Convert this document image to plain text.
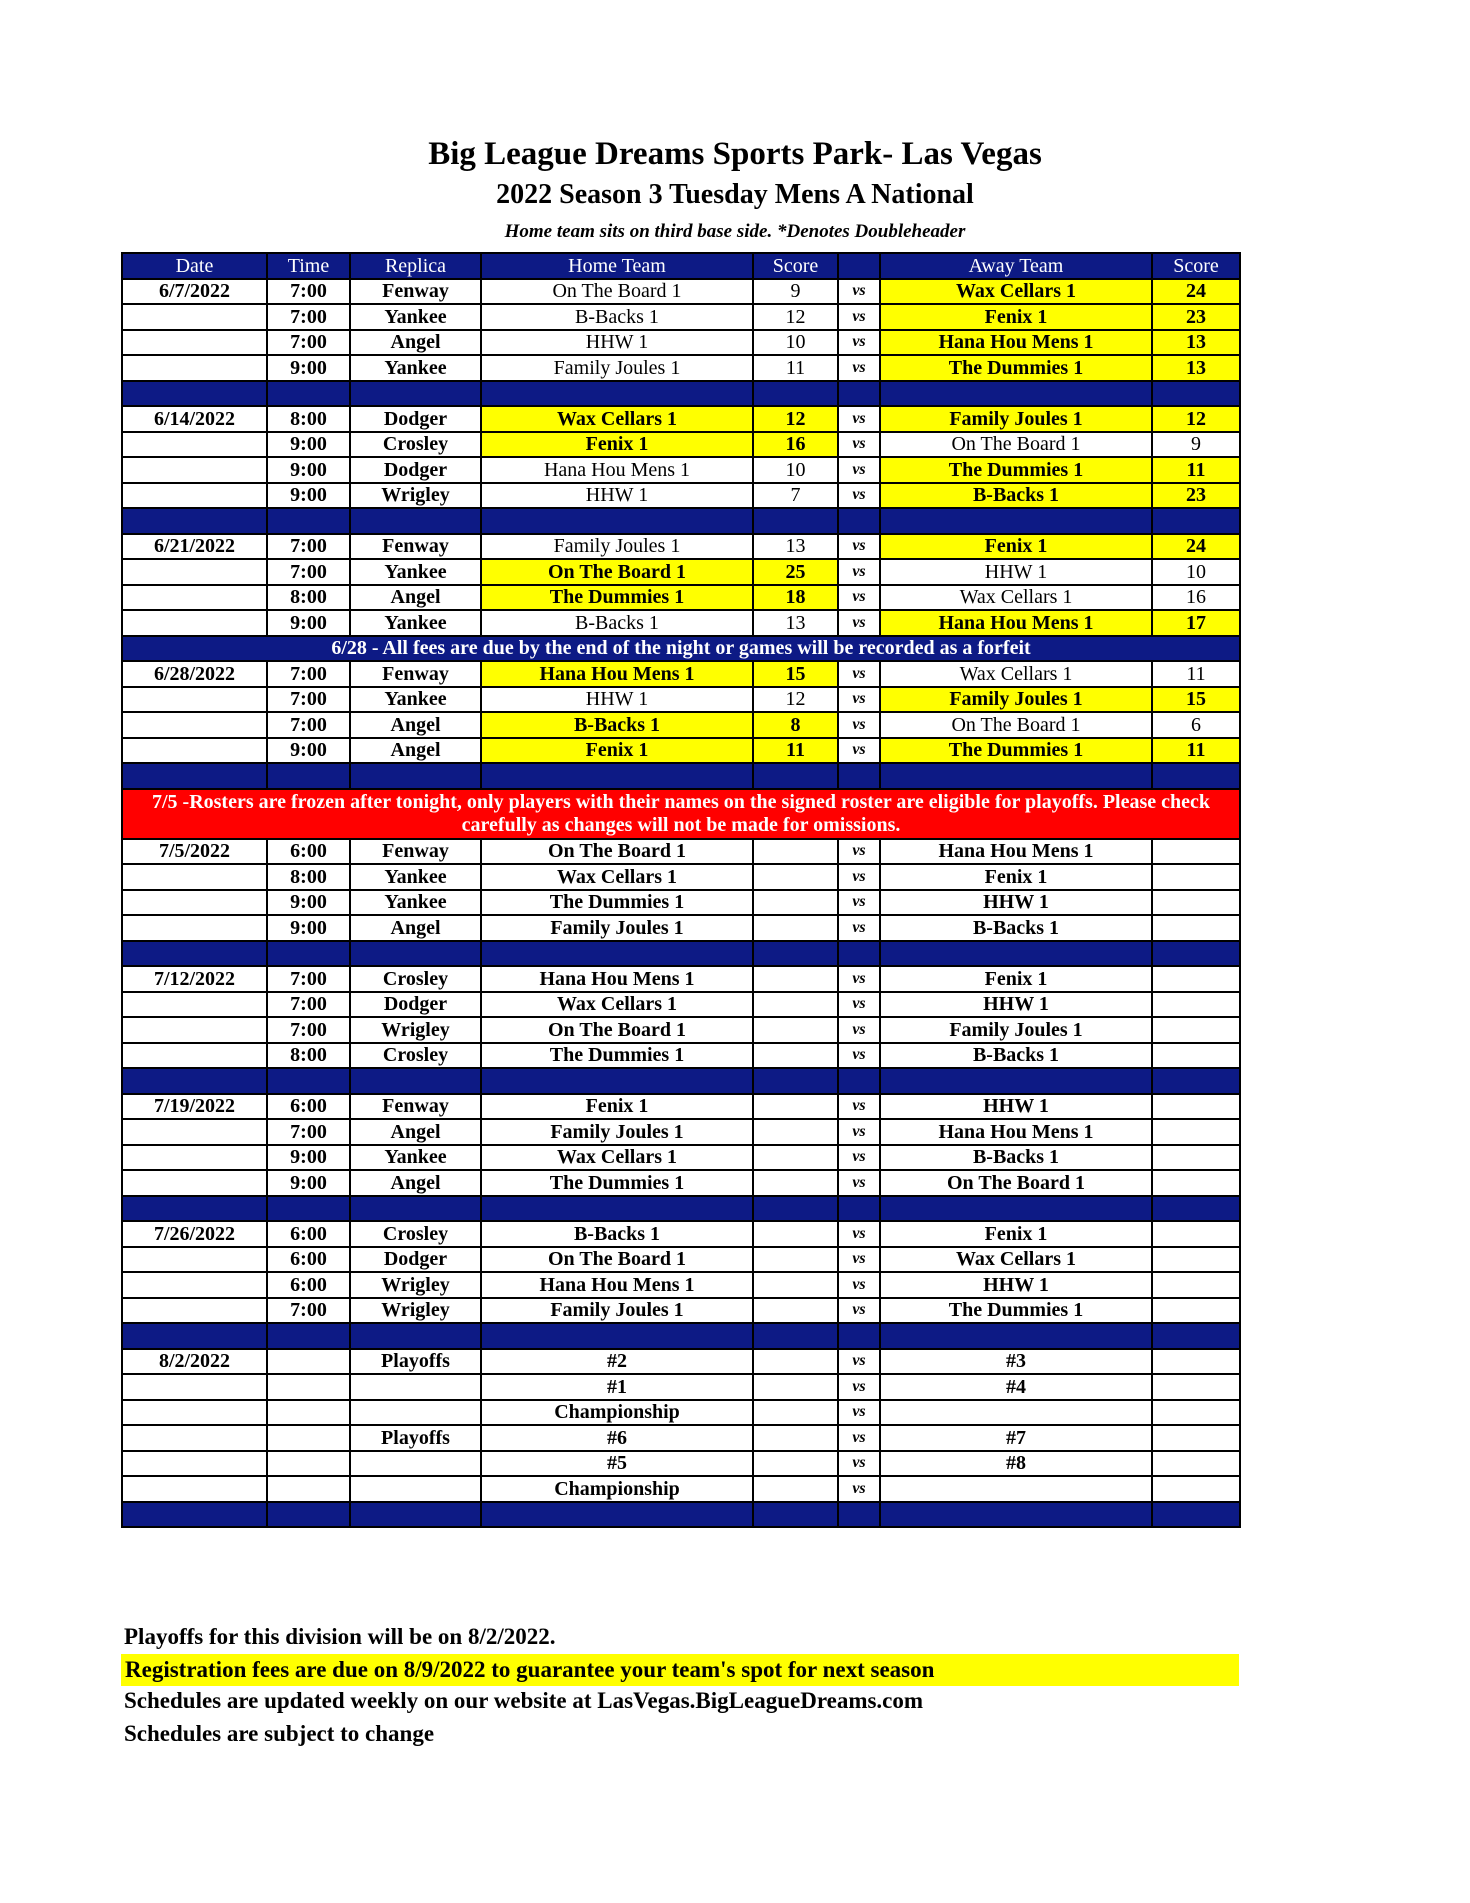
Big League Dreams Sports Park- Las Vegas
2022 Season 3 Tuesday Mens A National
Home team sits on third base side. *Denotes Doubleheader
Date	Time	Replica	Home Team	Score		Away Team	Score
6/7/2022	7:00	Fenway	On The Board 1	9	vs	Wax Cellars 1	24
	7:00	Yankee	B-Backs 1	12	vs	Fenix 1	23
	7:00	Angel	HHW 1	10	vs	Hana Hou Mens 1	13
	9:00	Yankee	Family Joules 1	11	vs	The Dummies 1	13

6/14/2022	8:00	Dodger	Wax Cellars 1	12	vs	Family Joules 1	12
	9:00	Crosley	Fenix 1	16	vs	On The Board 1	9
	9:00	Dodger	Hana Hou Mens 1	10	vs	The Dummies 1	11
	9:00	Wrigley	HHW 1	7	vs	B-Backs 1	23

6/21/2022	7:00	Fenway	Family Joules 1	13	vs	Fenix 1	24
	7:00	Yankee	On The Board 1	25	vs	HHW 1	10
	8:00	Angel	The Dummies 1	18	vs	Wax Cellars 1	16
	9:00	Yankee	B-Backs 1	13	vs	Hana Hou Mens 1	17
6/28 - All fees are due by the end of the night or games will be recorded as a forfeit							
6/28/2022	7:00	Fenway	Hana Hou Mens 1	15	vs	Wax Cellars 1	11
	7:00	Yankee	HHW 1	12	vs	Family Joules 1	15
	7:00	Angel	B-Backs 1	8	vs	On The Board 1	6
	9:00	Angel	Fenix 1	11	vs	The Dummies 1	11

7/5 -Rosters are frozen after tonight, only players with their names on the signed roster are eligible for playoffs. Please check carefully as changes will not be made for omissions.							
7/5/2022	6:00	Fenway	On The Board 1		vs	Hana Hou Mens 1	
	8:00	Yankee	Wax Cellars 1		vs	Fenix 1	
	9:00	Yankee	The Dummies 1		vs	HHW 1	
	9:00	Angel	Family Joules 1		vs	B-Backs 1	

7/12/2022	7:00	Crosley	Hana Hou Mens 1		vs	Fenix 1	
	7:00	Dodger	Wax Cellars 1		vs	HHW 1	
	7:00	Wrigley	On The Board 1		vs	Family Joules 1	
	8:00	Crosley	The Dummies 1		vs	B-Backs 1	

7/19/2022	6:00	Fenway	Fenix 1		vs	HHW 1	
	7:00	Angel	Family Joules 1		vs	Hana Hou Mens 1	
	9:00	Yankee	Wax Cellars 1		vs	B-Backs 1	
	9:00	Angel	The Dummies 1		vs	On The Board 1	

7/26/2022	6:00	Crosley	B-Backs 1		vs	Fenix 1	
	6:00	Dodger	On The Board 1		vs	Wax Cellars 1	
	6:00	Wrigley	Hana Hou Mens 1		vs	HHW 1	
	7:00	Wrigley	Family Joules 1		vs	The Dummies 1	

8/2/2022		Playoffs	#2		vs	#3	
			#1		vs	#4	
			Championship		vs		
		Playoffs	#6		vs	#7	
			#5		vs	#8	
			Championship		vs		

Playoffs for this division will be on 8/2/2022.
Registration fees are due on 8/9/2022 to guarantee your team's spot for next season
Schedules are updated weekly on our website at LasVegas.BigLeagueDreams.com
Schedules are subject to change
